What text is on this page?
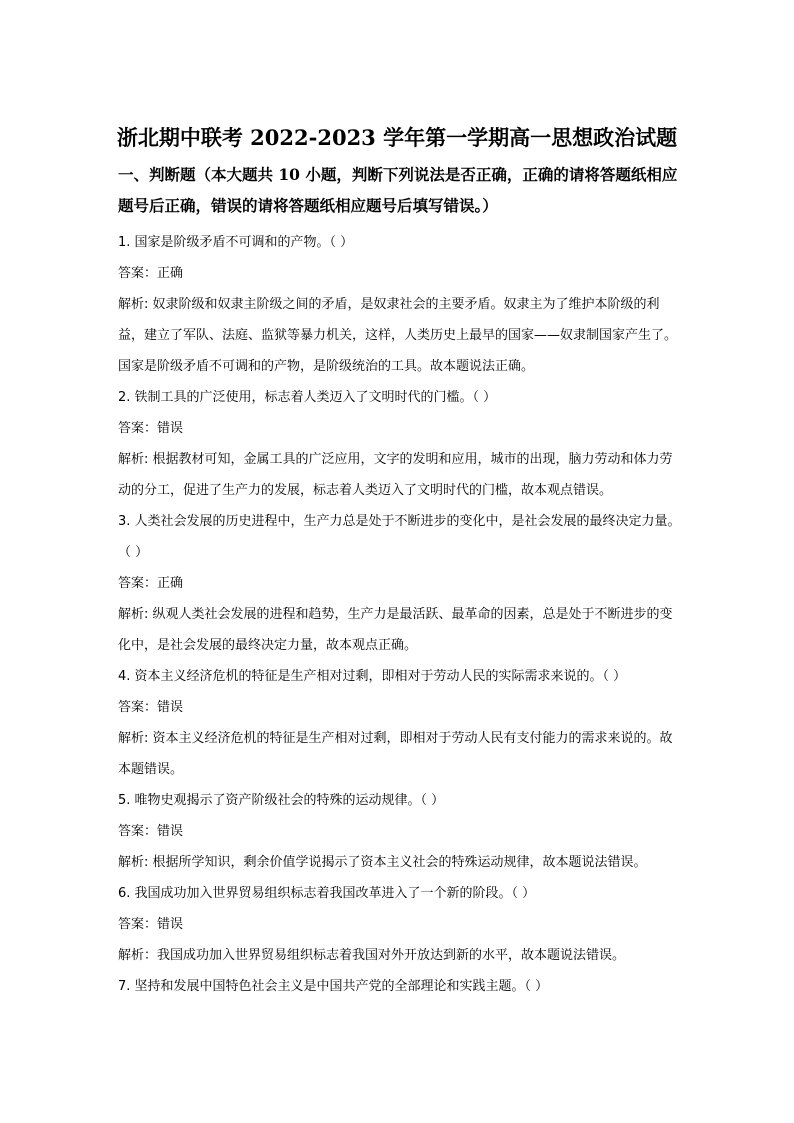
浙北期中联考 2022-2023 学年第一学期高一思想政治试题
一、判断题（本大题共 10 小题，判断下列说法是否正确，正确的请将答题纸相应题号后正确，错误的请将答题纸相应题号后填写错误。）
1. 国家是阶级矛盾不可调和的产物。（ ）
答案：正确
解析: 奴隶阶级和奴隶主阶级之间的矛盾，是奴隶社会的主要矛盾。奴隶主为了维护本阶级的利益，建立了军队、法庭、监狱等暴力机关，这样，人类历史上最早的国家——奴隶制国家产生了。国家是阶级矛盾不可调和的产物，是阶级统治的工具。故本题说法正确。
2. 铁制工具的广泛使用，标志着人类迈入了文明时代的门槛。（ ）
答案：错误
解析: 根据教材可知，金属工具的广泛应用，文字的发明和应用，城市的出现，脑力劳动和体力劳动的分工，促进了生产力的发展，标志着人类迈入了文明时代的门槛，故本观点错误。
3. 人类社会发展的历史进程中，生产力总是处于不断进步的变化中，是社会发展的最终决定力量。（ ）
答案：正确
解析: 纵观人类社会发展的进程和趋势，生产力是最活跃、最革命的因素，总是处于不断进步的变化中，是社会发展的最终决定力量，故本观点正确。
4. 资本主义经济危机的特征是生产相对过剩，即相对于劳动人民的实际需求来说的。（ ）
答案：错误
解析: 资本主义经济危机的特征是生产相对过剩，即相对于劳动人民有支付能力的需求来说的。故本题错误。
5. 唯物史观揭示了资产阶级社会的特殊的运动规律。（ ）
答案：错误
解析: 根据所学知识，剩余价值学说揭示了资本主义社会的特殊运动规律，故本题说法错误。
6. 我国成功加入世界贸易组织标志着我国改革进入了一个新的阶段。（ ）
答案：错误
解析：我国成功加入世界贸易组织标志着我国对外开放达到新的水平，故本题说法错误。
7. 坚持和发展中国特色社会主义是中国共产党的全部理论和实践主题。（ ）
